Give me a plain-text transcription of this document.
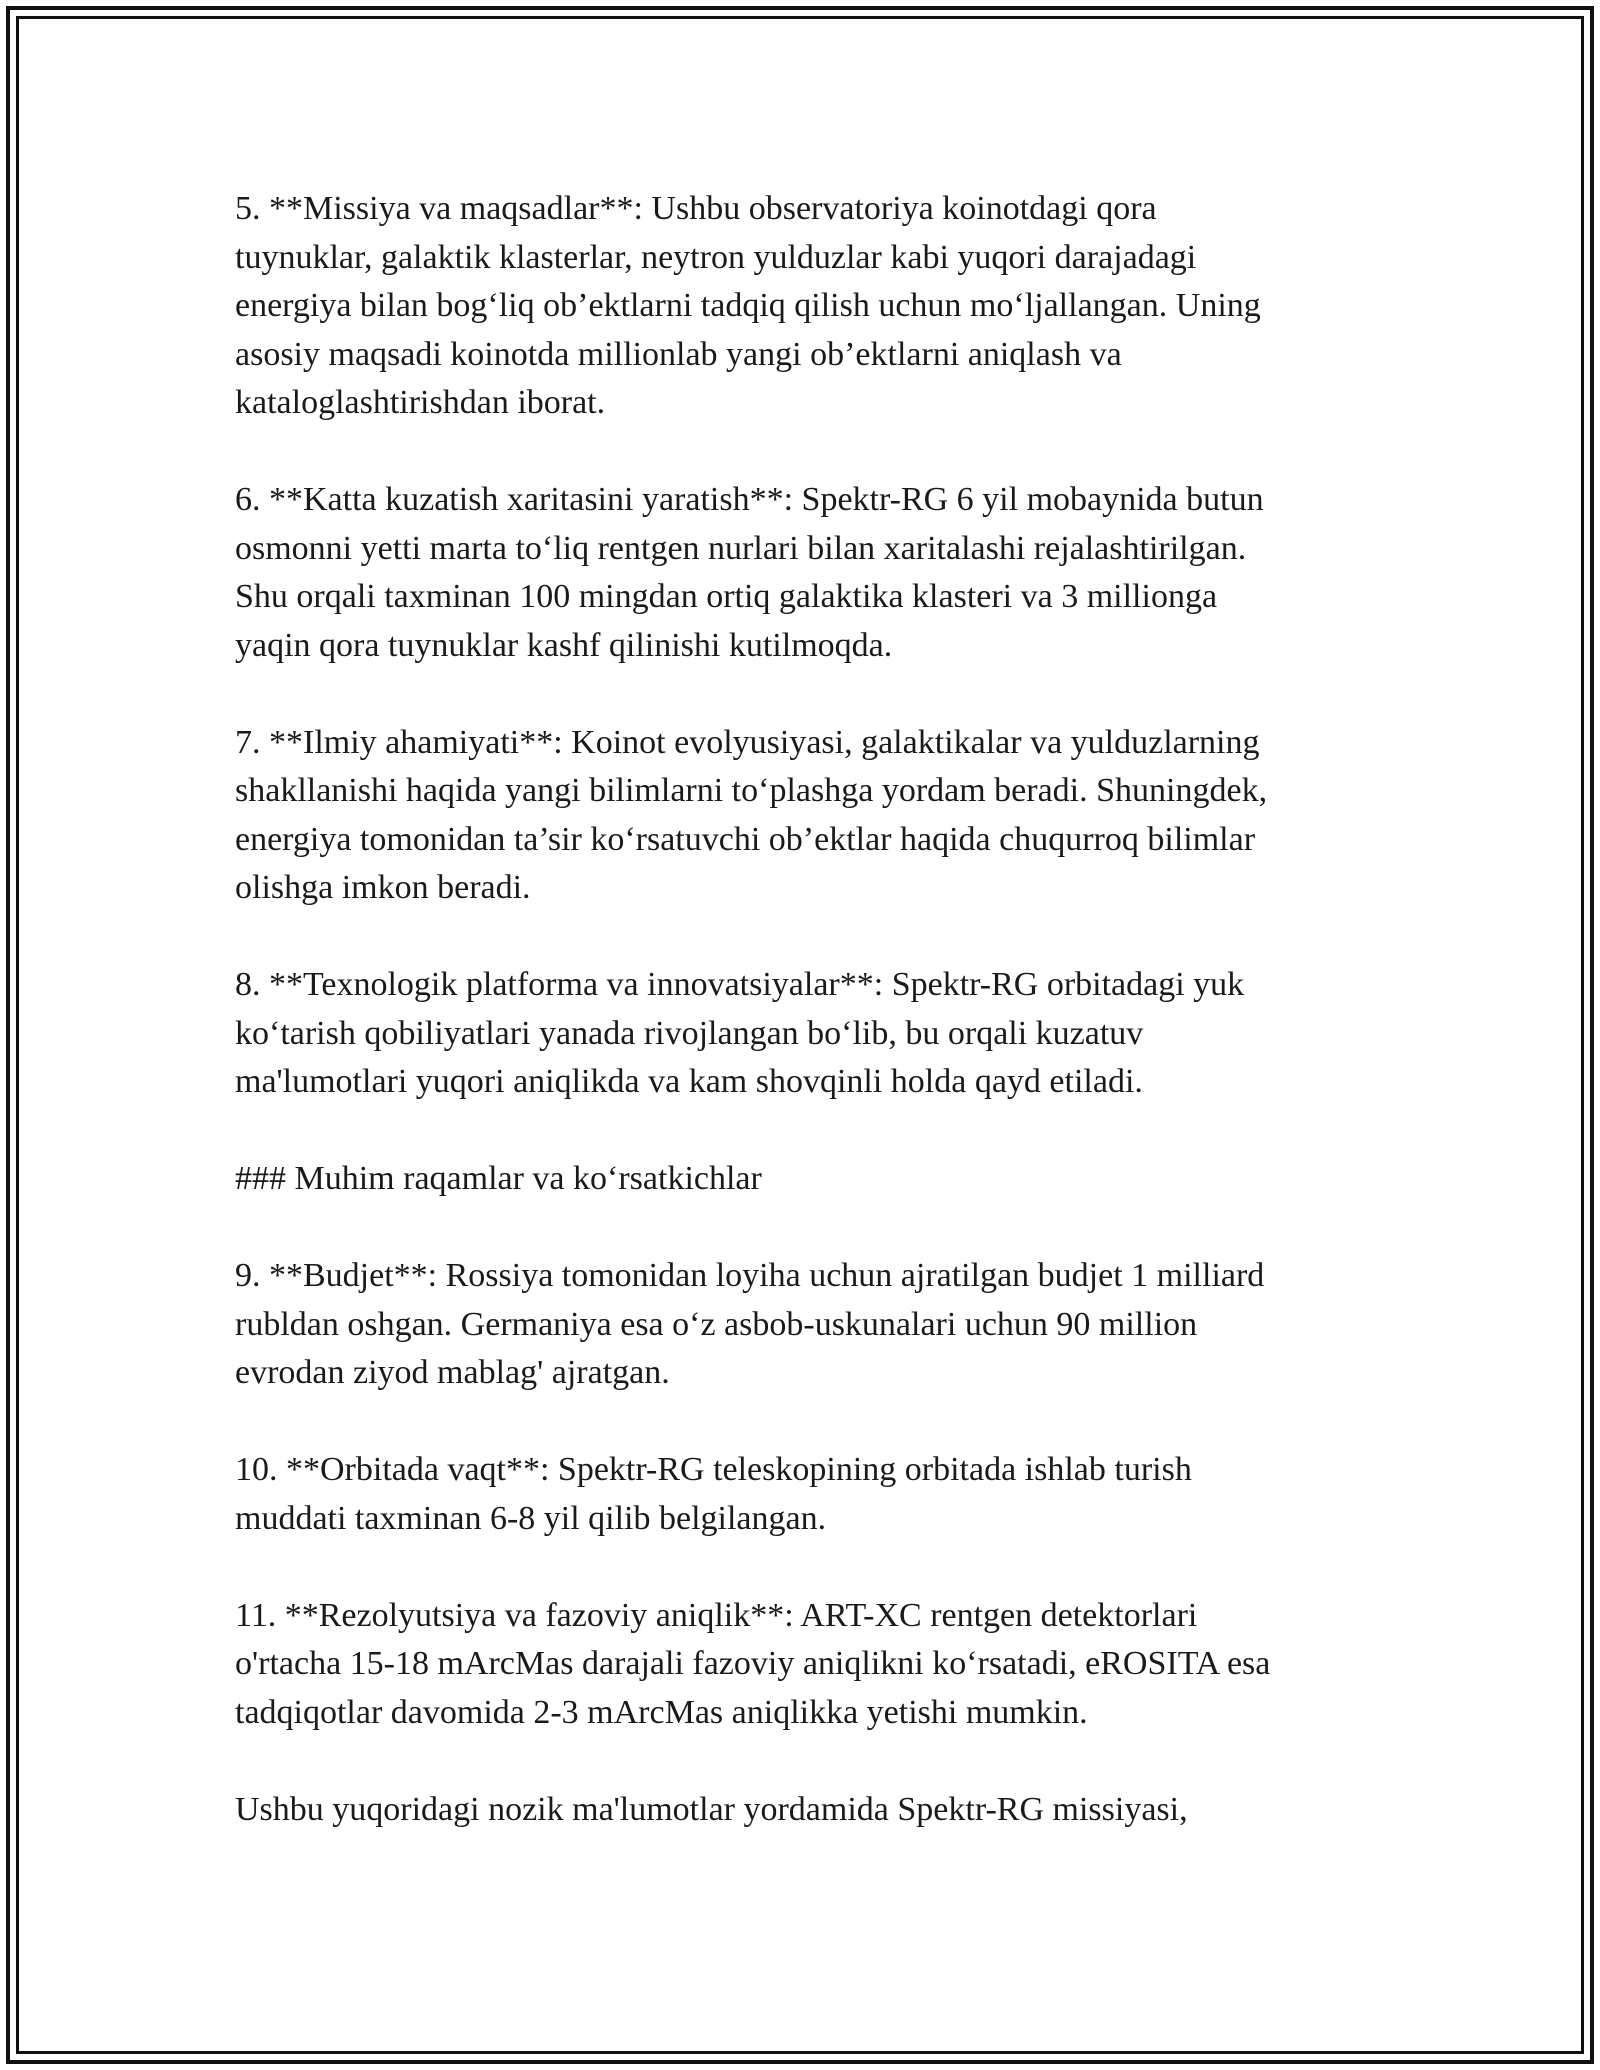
5. **Missiya va maqsadlar**: Ushbu observatoriya koinotdagi qora
tuynuklar, galaktik klasterlar, neytron yulduzlar kabi yuqori darajadagi
energiya bilan bog‘liq ob’ektlarni tadqiq qilish uchun mo‘ljallangan. Uning
asosiy maqsadi koinotda millionlab yangi ob’ektlarni aniqlash va
kataloglashtirishdan iborat.

6. **Katta kuzatish xaritasini yaratish**: Spektr-RG 6 yil mobaynida butun
osmonni yetti marta to‘liq rentgen nurlari bilan xaritalashi rejalashtirilgan.
Shu orqali taxminan 100 mingdan ortiq galaktika klasteri va 3 millionga
yaqin qora tuynuklar kashf qilinishi kutilmoqda.

7. **Ilmiy ahamiyati**: Koinot evolyusiyasi, galaktikalar va yulduzlarning
shakllanishi haqida yangi bilimlarni to‘plashga yordam beradi. Shuningdek,
energiya tomonidan ta’sir ko‘rsatuvchi ob’ektlar haqida chuqurroq bilimlar
olishga imkon beradi.

8. **Texnologik platforma va innovatsiyalar**: Spektr-RG orbitadagi yuk
ko‘tarish qobiliyatlari yanada rivojlangan bo‘lib, bu orqali kuzatuv
ma'lumotlari yuqori aniqlikda va kam shovqinli holda qayd etiladi.

### Muhim raqamlar va ko‘rsatkichlar

9. **Budjet**: Rossiya tomonidan loyiha uchun ajratilgan budjet 1 milliard
rubldan oshgan. Germaniya esa o‘z asbob-uskunalari uchun 90 million
evrodan ziyod mablag' ajratgan.

10. **Orbitada vaqt**: Spektr-RG teleskopining orbitada ishlab turish
muddati taxminan 6-8 yil qilib belgilangan.

11. **Rezolyutsiya va fazoviy aniqlik**: ART-XC rentgen detektorlari
o'rtacha 15-18 mArcMas darajali fazoviy aniqlikni ko‘rsatadi, eROSITA esa
tadqiqotlar davomida 2-3 mArcMas aniqlikka yetishi mumkin.

Ushbu yuqoridagi nozik ma'lumotlar yordamida Spektr-RG missiyasi,
